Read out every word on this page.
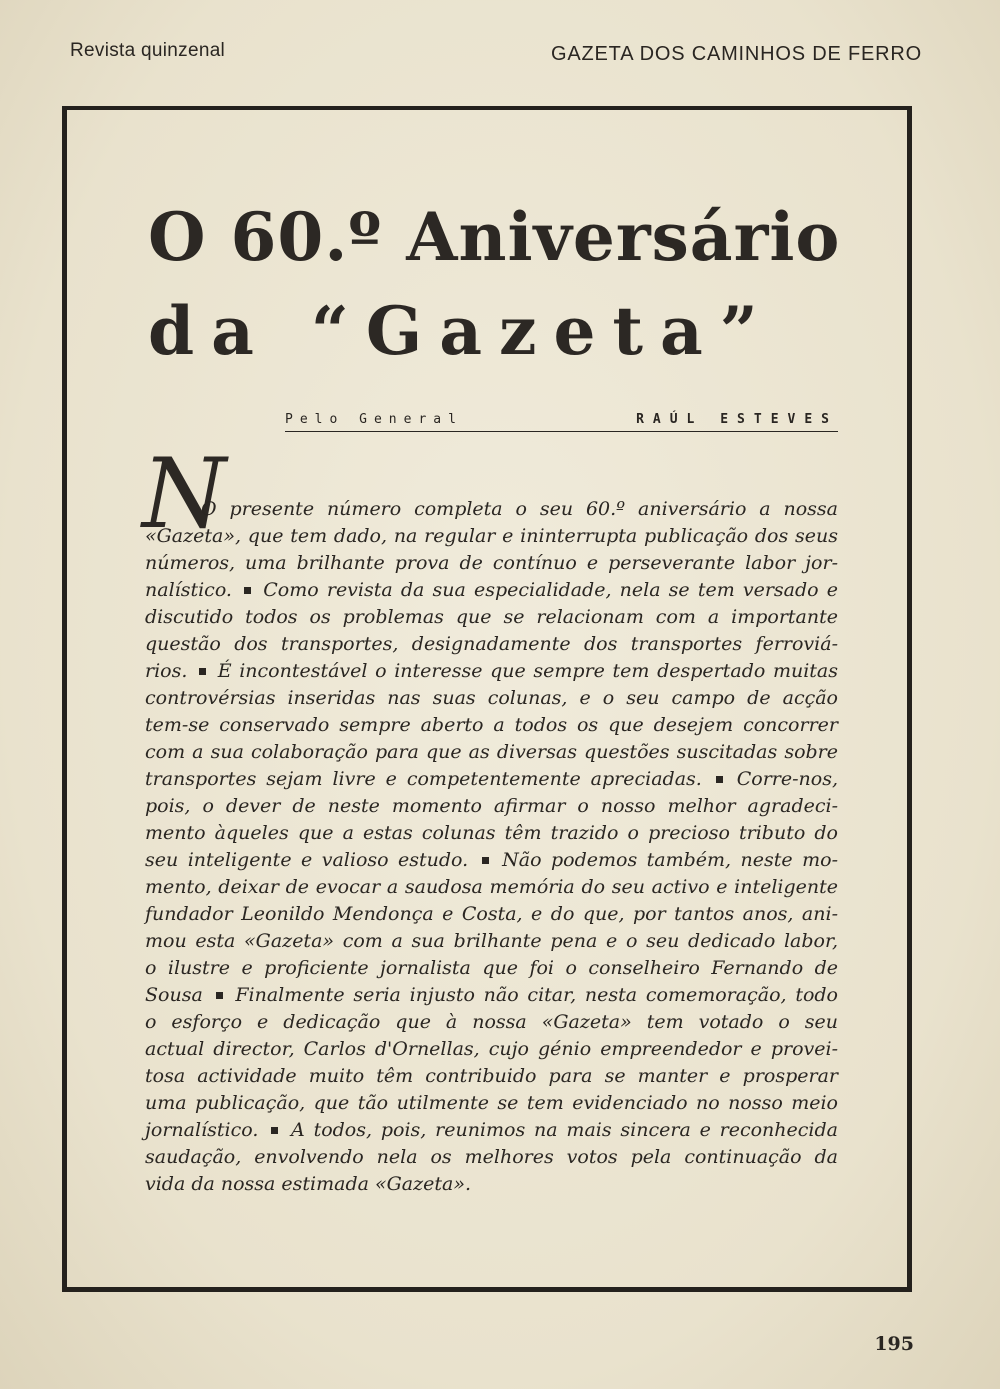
Revista quinzenal	GAZETA DOS CAMINHOS DE FERRO
O 60.º Aniversário
da “Gazeta”
Pelo General	RAÚL ESTEVES
N
O presente número completa o seu 60.º aniversário a nossa
«Gazeta», que tem dado, na regular e ininterrupta publicação dos seus
números, uma brilhante prova de contínuo e perseverante labor jor-
nalístico.  Como revista da sua especialidade, nela se tem versado e
discutido todos os problemas que se relacionam com a importante
questão dos transportes, designadamente dos transportes ferroviá-
rios.  É incontestável o interesse que sempre tem despertado muitas
controvérsias inseridas nas suas colunas, e o seu campo de acção
tem-se conservado sempre aberto a todos os que desejem concorrer
com a sua colaboração para que as diversas questões suscitadas sobre
transportes sejam livre e competentemente apreciadas.  Corre-nos,
pois, o dever de neste momento afirmar o nosso melhor agradeci-
mento àqueles que a estas colunas têm trazido o precioso tributo do
seu inteligente e valioso estudo.  Não podemos também, neste mo-
mento, deixar de evocar a saudosa memória do seu activo e inteligente
fundador Leonildo Mendonça e Costa, e do que, por tantos anos, ani-
mou esta «Gazeta» com a sua brilhante pena e o seu dedicado labor,
o ilustre e proficiente jornalista que foi o conselheiro Fernando de
Sousa  Finalmente seria injusto não citar, nesta comemoração, todo
o esforço e dedicação que à nossa «Gazeta» tem votado o seu
actual director, Carlos d'Ornellas, cujo génio empreendedor e provei-
tosa actividade muito têm contribuido para se manter e prosperar
uma publicação, que tão utilmente se tem evidenciado no nosso meio
jornalístico.  A todos, pois, reunimos na mais sincera e reconhecida
saudação, envolvendo nela os melhores votos pela continuação da
vida da nossa estimada «Gazeta».
195
